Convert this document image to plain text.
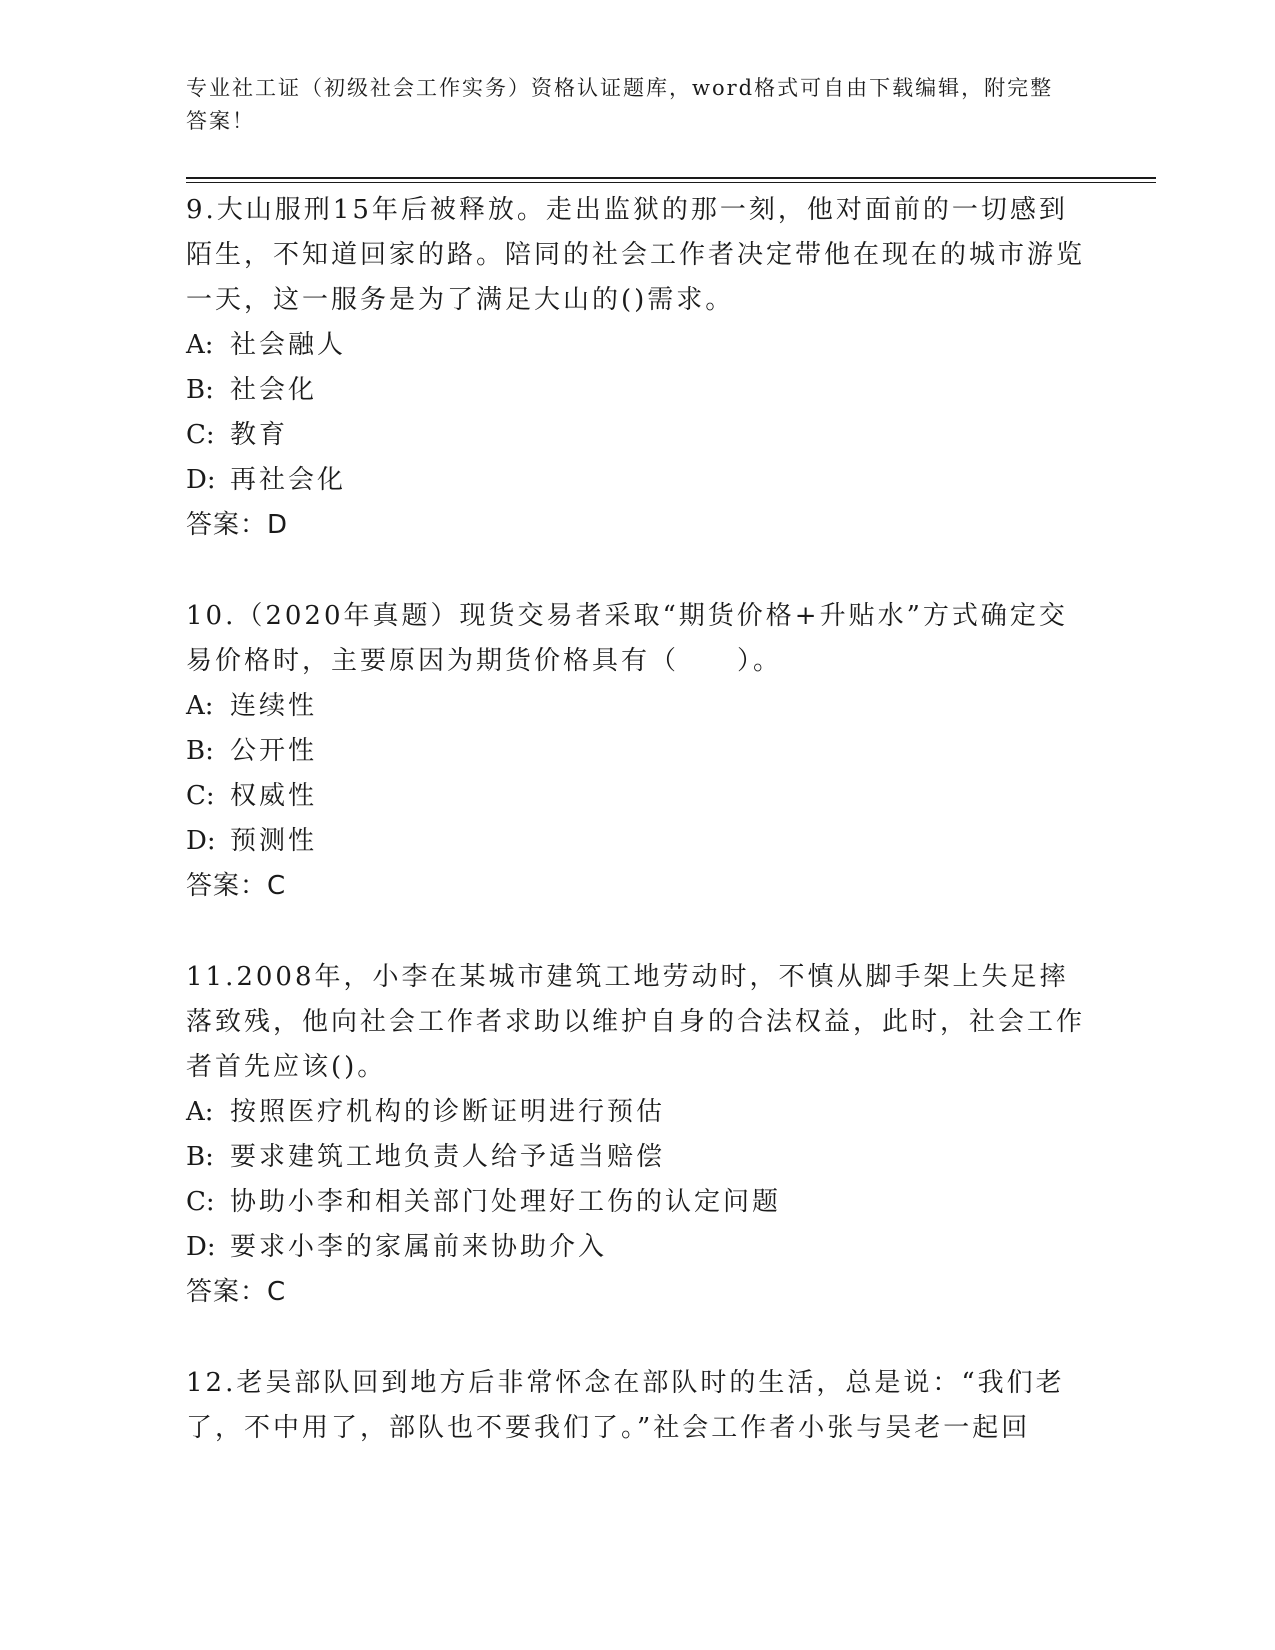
专业社工证（初级社会工作实务）资格认证题库，word格式可自由下载编辑，附完整答案！

9.大山服刑15年后被释放。走出监狱的那一刻，他对面前的一切感到陌生，不知道回家的路。陪同的社会工作者决定带他在现在的城市游览一天，这一服务是为了满足大山的()需求。

A: 社会融人
B: 社会化
C: 教育
D: 再社会化

答案：D

10.（2020年真题）现货交易者采取“期货价格+升贴水”方式确定交易价格时，主要原因为期货价格具有（　　）。

A: 连续性
B: 公开性
C: 权威性
D: 预测性

答案：C

11.2008年，小李在某城市建筑工地劳动时，不慎从脚手架上失足摔落致残，他向社会工作者求助以维护自身的合法权益，此时，社会工作者首先应该()。

A: 按照医疗机构的诊断证明进行预估
B: 要求建筑工地负责人给予适当赔偿
C: 协助小李和相关部门处理好工伤的认定问题
D: 要求小李的家属前来协助介入

答案：C

12.老吴部队回到地方后非常怀念在部队时的生活，总是说：“我们老了，不中用了，部队也不要我们了。”社会工作者小张与吴老一起回
